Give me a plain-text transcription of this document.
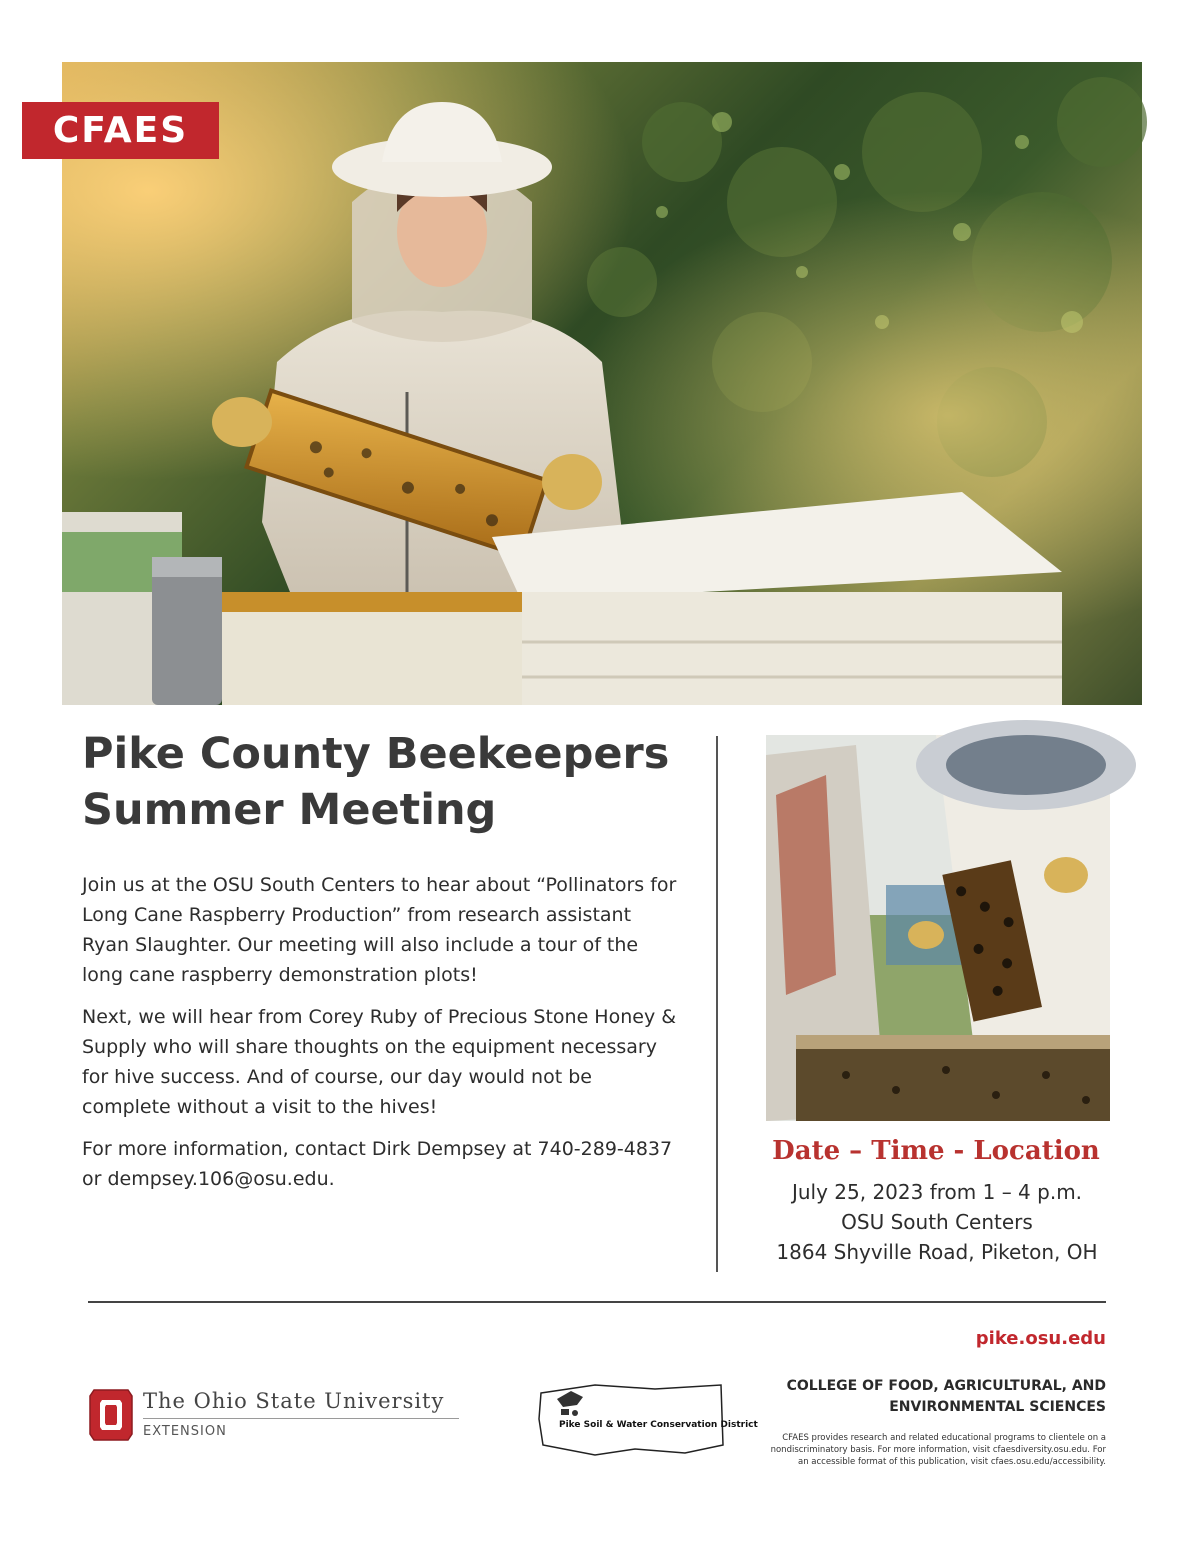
CFAES
Pike County Beekeepers
Summer Meeting

Join us at the OSU South Centers to hear about “Pollinators for Long Cane Raspberry Production” from research assistant Ryan Slaughter. Our meeting will also include a tour of the long cane raspberry demonstration plots!

Next, we will hear from Corey Ruby of Precious Stone Honey & Supply who will share thoughts on the equipment necessary for hive success. And of course, our day would not be complete without a visit to the hives!

For more information, contact Dirk Dempsey at 740-289-4837 or dempsey.106@osu.edu.

Date – Time - Location
July 25, 2023 from 1 – 4 p.m.
OSU South Centers
1864 Shyville Road, Piketon, OH
pike.osu.edu
The Ohio State University
EXTENSION	Pike Soil & Water Conservation District
COLLEGE OF FOOD, AGRICULTURAL, AND
ENVIRONMENTAL SCIENCES
CFAES provides research and related educational programs to clientele on a nondiscriminatory basis. For more information, visit cfaesdiversity.osu.edu. For an accessible format of this publication, visit cfaes.osu.edu/accessibility.
